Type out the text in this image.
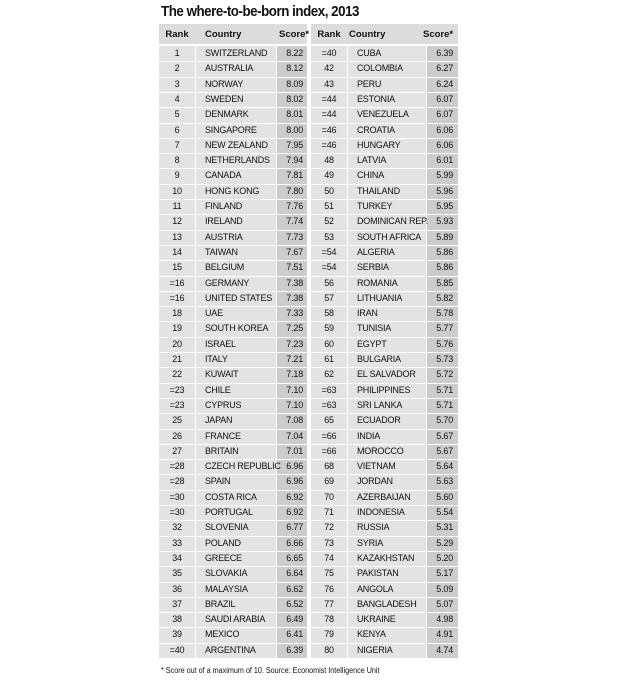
The where-to-be-born index, 2013
Rank	Country	Score* Rank Country	Score*
1	SWITZERLAND	8.22
2	AUSTRALIA	8.12
3	NORWAY	8.09
4	SWEDEN	8.02
5	DENMARK	8.01
6	SINGAPORE	8.00
7	NEW ZEALAND	7.95
8	NETHERLANDS	7.94
9	CANADA	7.81
10	HONG KONG	7.80
11	FINLAND	7.76
12	IRELAND	7.74
13	AUSTRIA	7.73
14	TAIWAN	7.67
15	BELGIUM	7.51
=16	GERMANY	7.38
=16	UNITED STATES	7.38
18	UAE	7.33
19	SOUTH KOREA	7.25
20	ISRAEL	7.23
21	ITALY	7.21
22	KUWAIT	7.18
=23	CHILE	7.10
=23	CYPRUS	7.10
25	JAPAN	7.08
26	FRANCE	7.04
27	BRITAIN	7.01
=28	CZECH REPUBLIC 6.96
=28	SPAIN	6.96
=30	COSTA RICA	6.92
=30	PORTUGAL	6.92
32	SLOVENIA	6.77
33	POLAND	6.66
34	GREECE	6.65
35	SLOVAKIA	6.64
36	MALAYSIA	6.62
37	BRAZIL	6.52
38	SAUDI ARABIA	6.49
39	MEXICO	6.41
=40	ARGENTINA	6.39
=40	CUBA	6.39
42	COLOMBIA	6.27
43	PERU	6.24
=44	ESTONIA	6.07
=44	VENEZUELA	6.07
=46	CROATIA	6.06
=46	HUNGARY	6.06
48	LATVIA	6.01
49	CHINA	5.99
50	THAILAND	5.96
51	TURKEY	5.95
52	DOMINICAN REP. 5.93
53	SOUTH AFRICA	5.89
=54	ALGERIA	5.86
=54	SERBIA	5.86
56	ROMANIA	5.85
57	LITHUANIA	5.82
58	IRAN	5.78
59	TUNISIA	5.77
60	EGYPT	5.76
61	BULGARIA	5.73
62	EL SALVADOR	5.72
=63	PHILIPPINES	5.71
=63	SRI LANKA	5.71
65	ECUADOR	5.70
=66	INDIA	5.67
=66	MOROCCO	5.67
68	VIETNAM	5.64
69	JORDAN	5.63
70	AZERBAIJAN	5.60
71	INDONESIA	5.54
72	RUSSIA	5.31
73	SYRIA	5.29
74	KAZAKHSTAN	5.20
75	PAKISTAN	5.17
76	ANGOLA	5.09
77	BANGLADESH	5.07
78	UKRAINE	4.98
79	KENYA	4.91
80	NIGERIA	4.74
* Score out of a maximum of 10. Source: Economist Intelligence Unit
